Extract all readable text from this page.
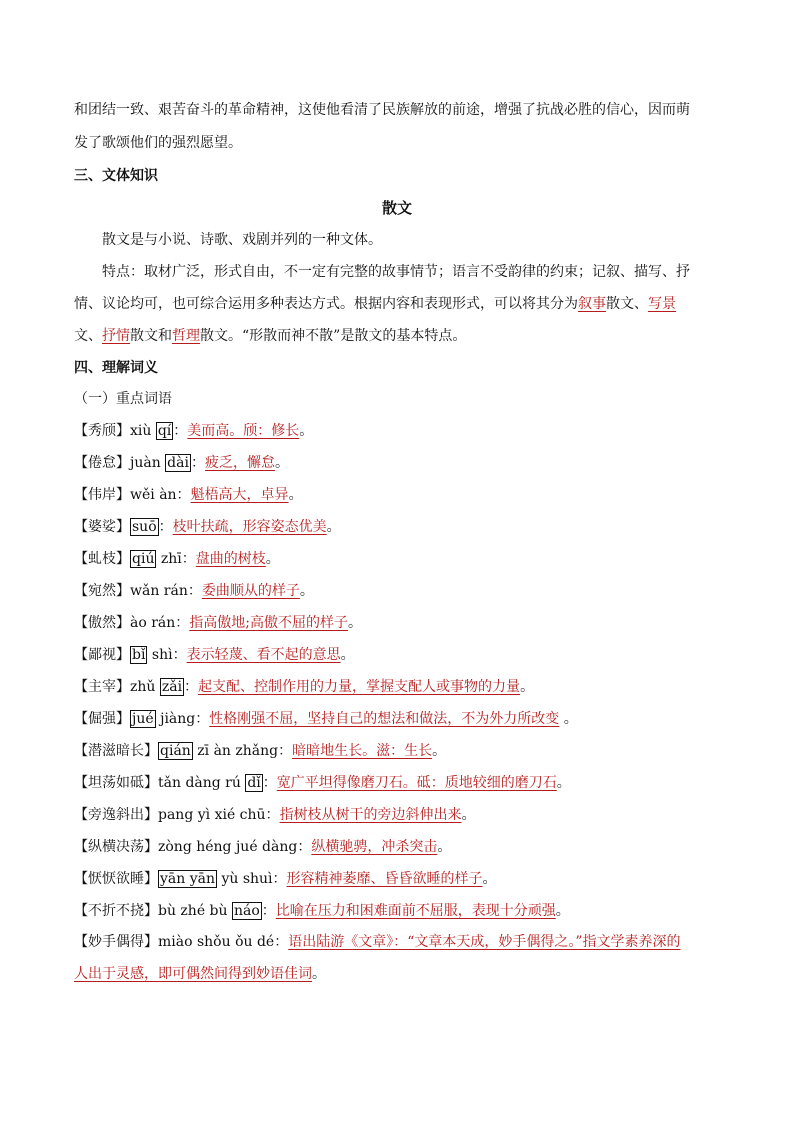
和团结一致、艰苦奋斗的革命精神，这使他看清了民族解放的前途，增强了抗战必胜的信心，因而萌
发了歌颂他们的强烈愿望。
三、文体知识
散文
散文是与小说、诗歌、戏剧并列的一种文体。
特点：取材广泛，形式自由，不一定有完整的故事情节；语言不受韵律的约束；记叙、描写、抒
情、议论均可，也可综合运用多种表达方式。根据内容和表现形式，可以将其分为叙事散文、写景
文、抒情散文和哲理散文。“形散而神不散”是散文的基本特点。
四、理解词义
（一）重点词语
【秀颀】xiù qí ：美而高。颀：修长。
【倦怠】juàn dài ：疲乏，懈怠。
【伟岸】wěi àn：魁梧高大，卓异。
【婆娑】 suō ：枝叶扶疏，形容姿态优美。
【虬枝】 qiú zhī：盘曲的树枝。
【宛然】wǎn rán：委曲顺从的样子。
【傲然】ào rán：指高傲地;高傲不屈的样子。
【鄙视】 bǐ shì：表示轻蔑、看不起的意思。
【主宰】zhǔ zǎi ：起支配、控制作用的力量，掌握支配人或事物的力量。
【倔强】 jué jiàng：性格刚强不屈，坚持自己的想法和做法，不为外力所改变 。
【潜滋暗长】 qián zī àn zhǎng：暗暗地生长。滋：生长。
【坦荡如砥】tǎn dàng rú dǐ ：宽广平坦得像磨刀石。砥：质地较细的磨刀石。
【旁逸斜出】pang yì xié chū：指树枝从树干的旁边斜伸出来。
【纵横决荡】zòng héng jué dàng：纵横驰骋，冲杀突击。
【恹恹欲睡】 yān yān yù shuì：形容精神萎靡、昏昏欲睡的样子。
【不折不挠】bù zhé bù náo ：比喻在压力和困难面前不屈服，表现十分顽强。
【妙手偶得】miào shǒu ǒu dé：语出陆游《文章》：“文章本天成，妙手偶得之。”指文学素养深的
人出于灵感，即可偶然间得到妙语佳词。
